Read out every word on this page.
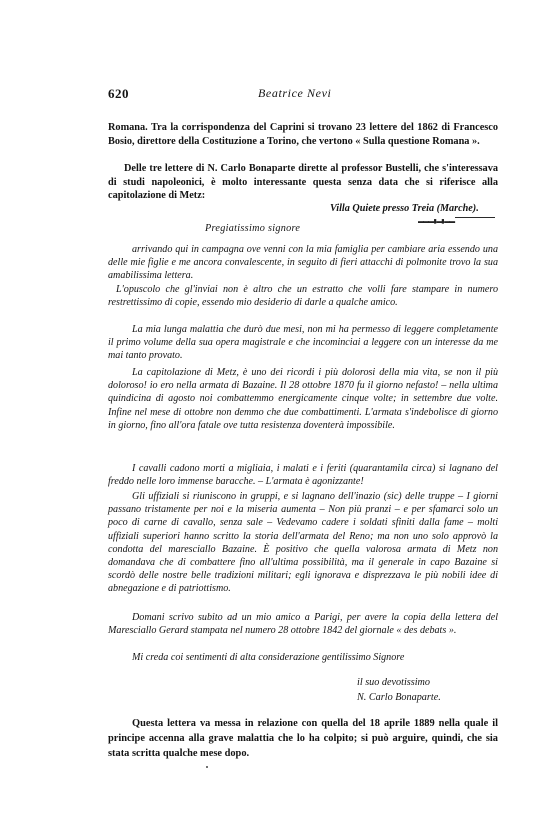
620	Beatrice Nevi

Romana. Tra la corrispondenza del Caprini si trovano 23 lettere del 1862 di Francesco Bosio, direttore della Costituzione a Torino, che vertono « Sulla questione Romana ».

Delle tre lettere di N. Carlo Bonaparte dirette al professor Bustelli, che s'interessava di studi napoleonici, è molto interessante questa senza data che si riferisce alla capitolazione di Metz:

Villa Quiete presso Treia (Marche).
▬▬▬ ▮ ▬▮ ▬▬
Pregiatissimo signore

arrivando qui in campagna ove venni con la mia famiglia per cambiare aria essendo una delle mie figlie e me ancora convalescente, in seguito di fieri attacchi di polmonite trovo la sua amabilissima lettera.

L'opuscolo che gl'inviai non è altro che un estratto che volli fare stampare in numero restrettissimo di copie, essendo mio desiderio di darle a qualche amico.

La mia lunga malattia che durò due mesi, non mi ha permesso di leggere completamente il primo volume della sua opera magistrale e che incominciai a leggere con un interesse da me mai tanto provato.

La capitolazione di Metz, è uno dei ricordi i più dolorosi della mia vita, se non il più doloroso! io ero nella armata di Bazaine. Il 28 ottobre 1870 fu il giorno nefasto! – nella ultima quindicina di agosto noi combattemmo energicamente cinque volte; in settembre due volte. Infine nel mese di ottobre non demmo che due combattimenti. L'armata s'indebolisce di giorno in giorno, fino all'ora fatale ove tutta resistenza doventerà impossibile.

I cavalli cadono morti a migliaia, i malati e i feriti (quarantamila circa) si lagnano del freddo nelle loro immense baracche. – L'armata è agonizzante!

Gli uffiziali si riuniscono in gruppi, e si lagnano dell'inazio (sic) delle truppe – I giorni passano tristamente per noi e la miseria aumenta – Non più pranzi – e per sfamarci solo un poco di carne di cavallo, senza sale – Vedevamo cadere i soldati sfiniti dalla fame – molti uffiziali superiori hanno scritto la storia dell'armata del Reno; ma non uno solo approvò la condotta del maresciallo Bazaine. È positivo che quella valorosa armata di Metz non domandava che di combattere fino all'ultima possibilità, ma il generale in capo Bazaine si scordò delle nostre belle tradizioni militari; egli ignorava e disprezzava le più nobili idee di abnegazione e di patriottismo.

Domani scrivo subito ad un mio amico a Parigi, per avere la copia della lettera del Maresciallo Gerard stampata nel numero 28 ottobre 1842 del giornale « des debats ».

Mi creda coi sentimenti di alta considerazione gentilissimo Signore

il suo devotissimo
N. Carlo Bonaparte.

Questa lettera va messa in relazione con quella del 18 aprile 1889 nella quale il principe accenna alla grave malattia che lo ha colpito; si può arguire, quindi, che sia stata scritta qualche mese dopo.
